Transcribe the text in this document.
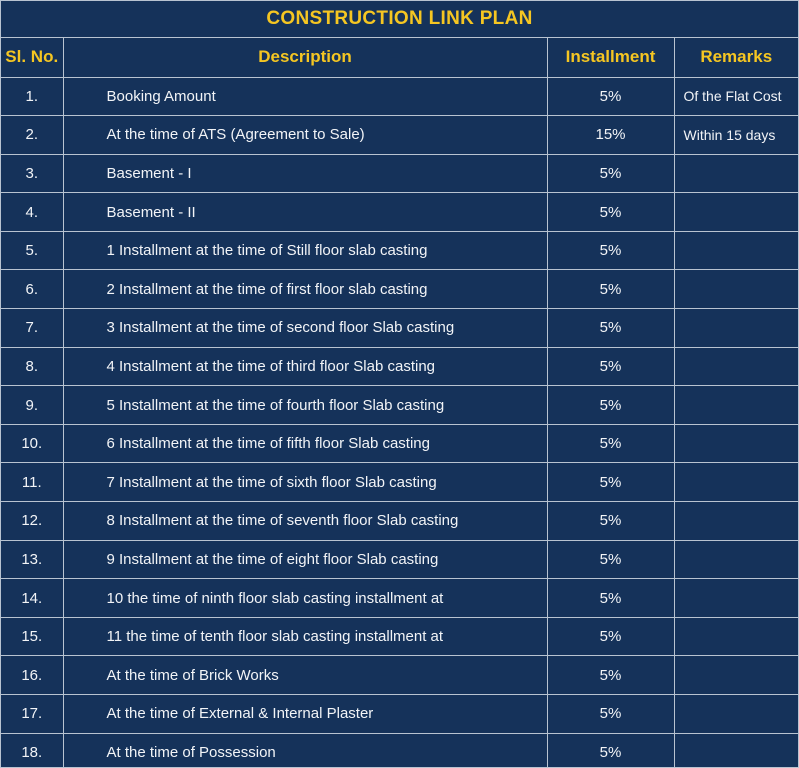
CONSTRUCTION LINK PLAN
Sl. No.	Description	Installment	Remarks
1.	Booking Amount	5%	Of the Flat Cost
2.	At the time of ATS (Agreement to Sale)	15%	Within 15 days
3.	Basement - I	5%	
4.	Basement - II	5%	
5.	1 Installment at the time of Still floor slab casting	5%	
6.	2 Installment at the time of first floor slab casting	5%	
7.	3 Installment at the time of second floor Slab casting	5%	
8.	4 Installment at the time of third floor Slab casting	5%	
9.	5 Installment at the time of fourth floor Slab casting	5%	
10.	6 Installment at the time of fifth floor Slab casting	5%	
11.	7 Installment at the time of sixth floor Slab casting	5%	
12.	8 Installment at the time of seventh floor Slab casting	5%	
13.	9 Installment at the time of eight floor Slab casting	5%	
14.	10 the time of ninth floor slab casting installment at	5%	
15.	11 the time of tenth floor slab casting installment at	5%	
16.	At the time of Brick Works	5%	
17.	At the time of External & Internal Plaster	5%	
18.	At the time of Possession	5%	
